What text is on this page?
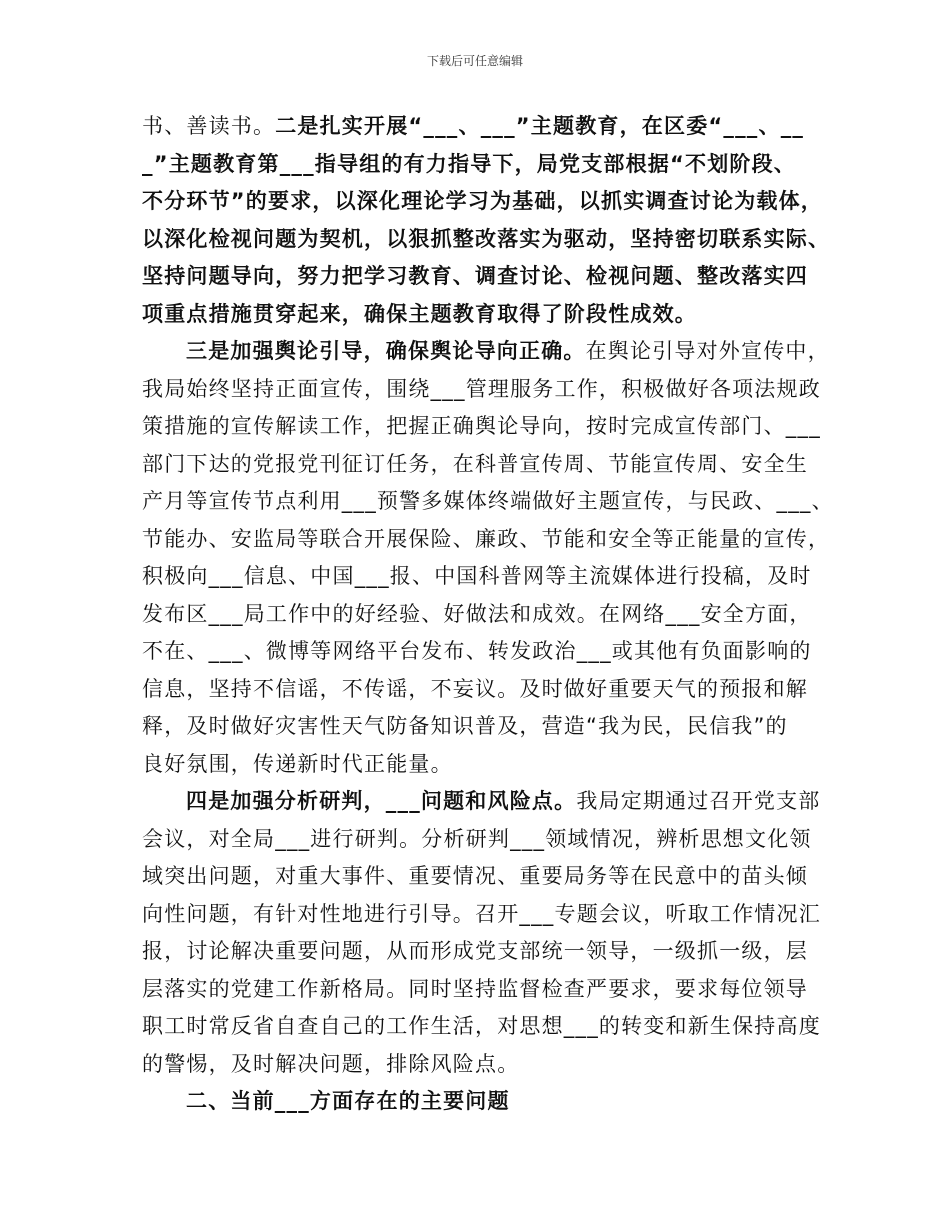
下载后可任意编辑
书、善读书。二是扎实开展“___、___”主题教育，在区委“___、__
_”主题教育第___指导组的有力指导下，局党支部根据“不划阶段、
不分环节”的要求，以深化理论学习为基础，以抓实调查讨论为载体，
以深化检视问题为契机，以狠抓整改落实为驱动，坚持密切联系实际、
坚持问题导向，努力把学习教育、调查讨论、检视问题、整改落实四
项重点措施贯穿起来，确保主题教育取得了阶段性成效。
三是加强舆论引导，确保舆论导向正确。在舆论引导对外宣传中，
我局始终坚持正面宣传，围绕___管理服务工作，积极做好各项法规政
策措施的宣传解读工作，把握正确舆论导向，按时完成宣传部门、___
部门下达的党报党刊征订任务，在科普宣传周、节能宣传周、安全生
产月等宣传节点利用___预警多媒体终端做好主题宣传，与民政、___、
节能办、安监局等联合开展保险、廉政、节能和安全等正能量的宣传，
积极向___信息、中国___报、中国科普网等主流媒体进行投稿，及时
发布区___局工作中的好经验、好做法和成效。在网络___安全方面，
不在、___、微博等网络平台发布、转发政治___或其他有负面影响的
信息，坚持不信谣，不传谣，不妄议。及时做好重要天气的预报和解
释，及时做好灾害性天气防备知识普及，营造“我为民，民信我”的
良好氛围，传递新时代正能量。
四是加强分析研判，___问题和风险点。我局定期通过召开党支部
会议，对全局___进行研判。分析研判___领域情况，辨析思想文化领
域突出问题，对重大事件、重要情况、重要局务等在民意中的苗头倾
向性问题，有针对性地进行引导。召开___专题会议，听取工作情况汇
报，讨论解决重要问题，从而形成党支部统一领导，一级抓一级，层
层落实的党建工作新格局。同时坚持监督检查严要求，要求每位领导
职工时常反省自查自己的工作生活，对思想___的转变和新生保持高度
的警惕，及时解决问题，排除风险点。
二、当前___方面存在的主要问题
